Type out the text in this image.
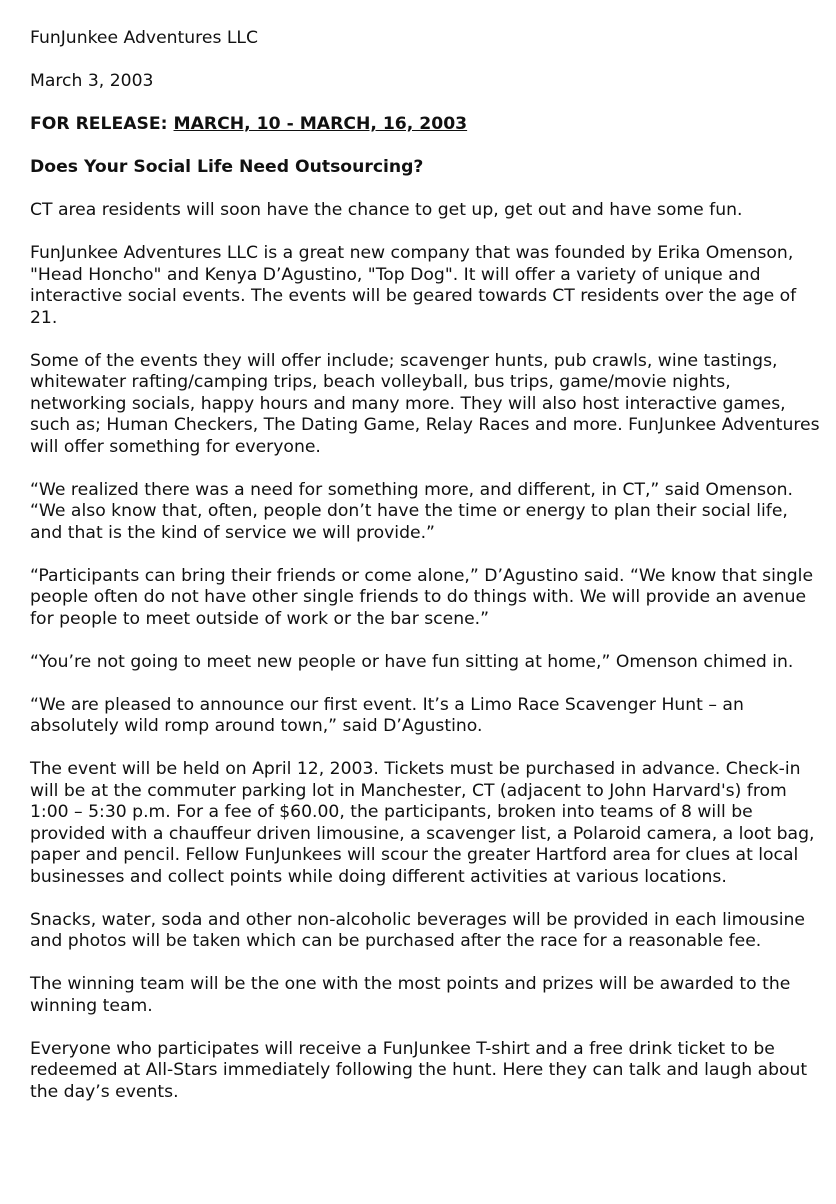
FunJunkee Adventures LLC

March 3, 2003

FOR RELEASE: MARCH, 10 - MARCH, 16, 2003

Does Your Social Life Need Outsourcing?

CT area residents will soon have the chance to get up, get out and have some fun.

FunJunkee Adventures LLC is a great new company that was founded by Erika Omenson, "Head Honcho" and Kenya D’Agustino, "Top Dog". It will offer a variety of unique and interactive social events. The events will be geared towards CT residents over the age of 21.

Some of the events they will offer include; scavenger hunts, pub crawls, wine tastings, whitewater rafting/camping trips, beach volleyball, bus trips, game/movie nights, networking socials, happy hours and many more. They will also host interactive games, such as; Human Checkers, The Dating Game, Relay Races and more. FunJunkee Adventures will offer something for everyone.

“We realized there was a need for something more, and different, in CT,” said Omenson. “We also know that, often, people don’t have the time or energy to plan their social life, and that is the kind of service we will provide.”

“Participants can bring their friends or come alone,” D’Agustino said. “We know that single people often do not have other single friends to do things with. We will provide an avenue for people to meet outside of work or the bar scene.”

“You’re not going to meet new people or have fun sitting at home,” Omenson chimed in.

“We are pleased to announce our first event. It’s a Limo Race Scavenger Hunt – an absolutely wild romp around town,” said D’Agustino.

The event will be held on April 12, 2003. Tickets must be purchased in advance. Check-in will be at the commuter parking lot in Manchester, CT (adjacent to John Harvard's) from 1:00 – 5:30 p.m. For a fee of $60.00, the participants, broken into teams of 8 will be provided with a chauffeur driven limousine, a scavenger list, a Polaroid camera, a loot bag, paper and pencil. Fellow FunJunkees will scour the greater Hartford area for clues at local businesses and collect points while doing different activities at various locations.

Snacks, water, soda and other non-alcoholic beverages will be provided in each limousine and photos will be taken which can be purchased after the race for a reasonable fee.

The winning team will be the one with the most points and prizes will be awarded to the winning team.

Everyone who participates will receive a FunJunkee T-shirt and a free drink ticket to be redeemed at All-Stars immediately following the hunt. Here they can talk and laugh about the day’s events.
